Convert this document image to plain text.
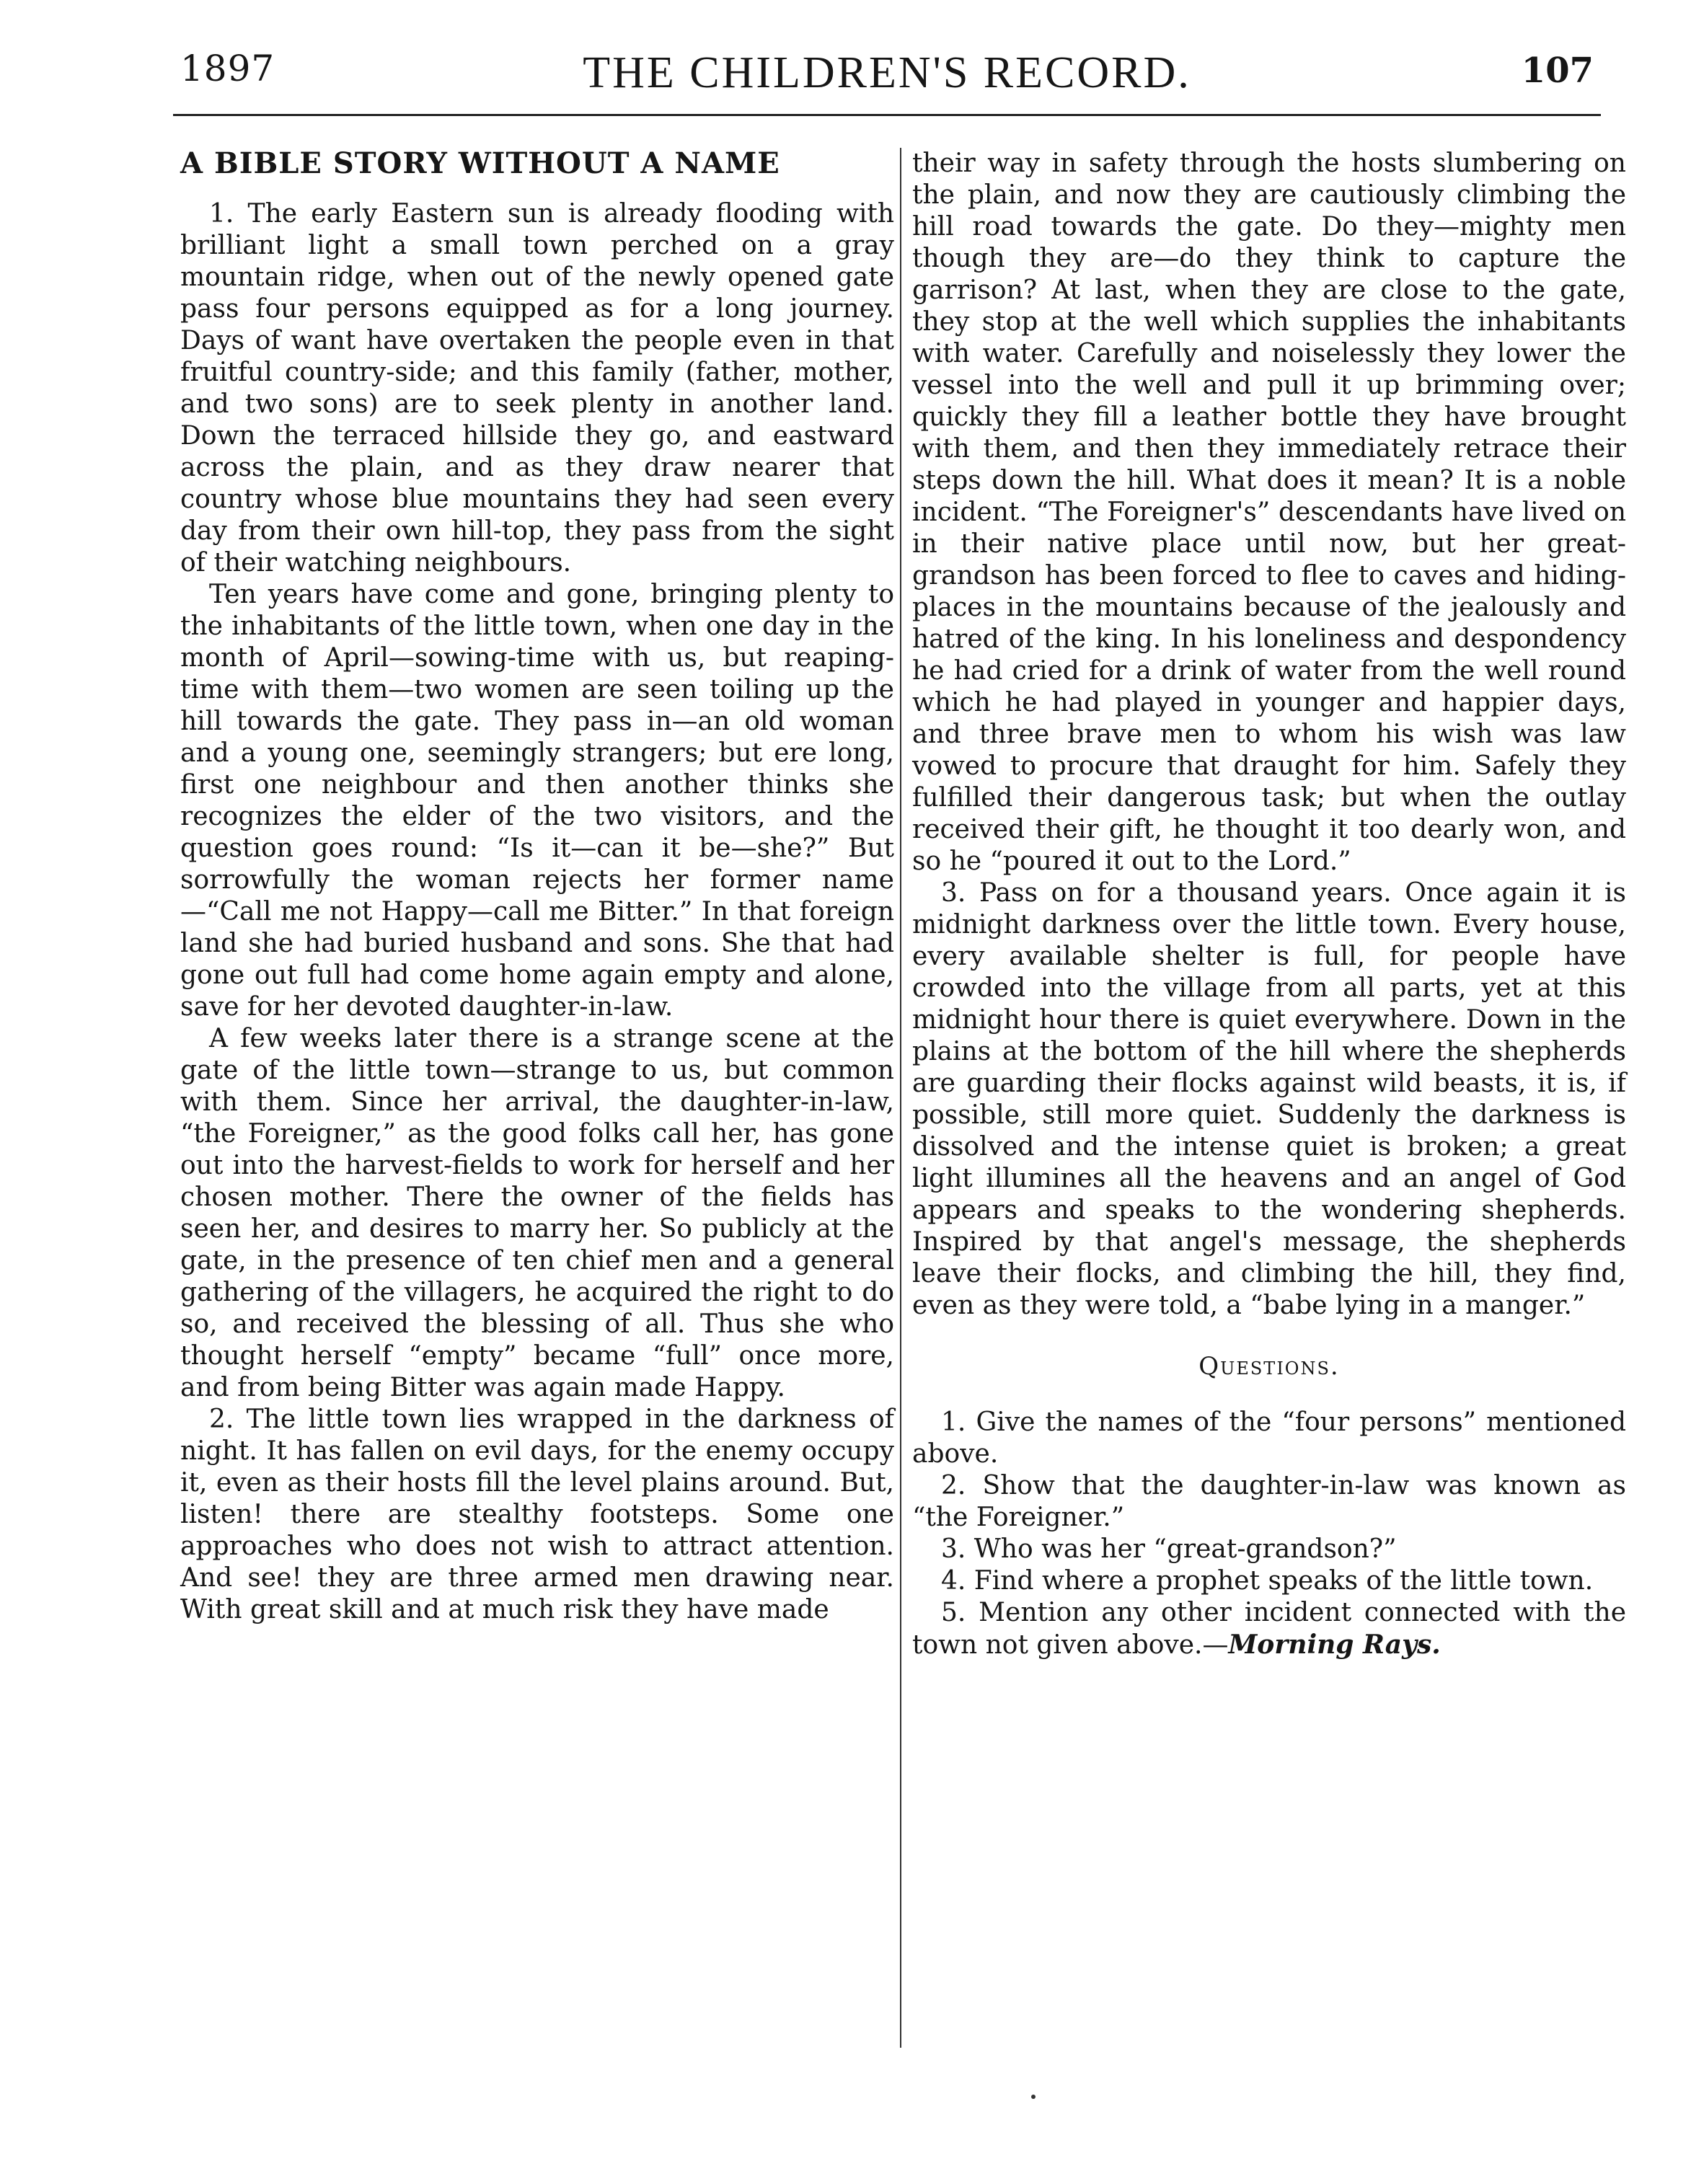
1897	THE CHILDREN'S RECORD.	107
A BIBLE STORY WITHOUT A NAME

1. The early Eastern sun is already flooding with brilliant light a small town perched on a gray mountain ridge, when out of the newly opened gate pass four persons equipped as for a long journey. Days of want have overtaken the people even in that fruitful country-side; and this family (father, mother, and two sons) are to seek plenty in another land. Down the terraced hillside they go, and eastward across the plain, and as they draw nearer that country whose blue mountains they had seen every day from their own hill-top, they pass from the sight of their watching neighbours.

Ten years have come and gone, bringing plenty to the inhabitants of the little town, when one day in the month of April—sowing-time with us, but reaping-time with them—two women are seen toiling up the hill towards the gate. They pass in—an old woman and a young one, seemingly strangers; but ere long, first one neighbour and then another thinks she recognizes the elder of the two visitors, and the question goes round: “Is it—can it be—she?” But sorrowfully the woman rejects her former name—“Call me not Happy—call me Bitter.” In that foreign land she had buried husband and sons. She that had gone out full had come home again empty and alone, save for her devoted daughter-in-law.

A few weeks later there is a strange scene at the gate of the little town—strange to us, but common with them. Since her arrival, the daughter-in-law, “the Foreigner,” as the good folks call her, has gone out into the harvest-fields to work for herself and her chosen mother. There the owner of the fields has seen her, and desires to marry her. So publicly at the gate, in the presence of ten chief men and a general gathering of the villagers, he acquired the right to do so, and received the blessing of all. Thus she who thought herself “empty” became “full” once more, and from being Bitter was again made Happy.

2. The little town lies wrapped in the darkness of night. It has fallen on evil days, for the enemy occupy it, even as their hosts fill the level plains around. But, listen! there are stealthy footsteps. Some one approaches who does not wish to attract attention. And see! they are three armed men drawing near. With great skill and at much risk they have made

their way in safety through the hosts slumbering on the plain, and now they are cautiously climbing the hill road towards the gate. Do they—mighty men though they are—do they think to capture the garrison? At last, when they are close to the gate, they stop at the well which supplies the inhabitants with water. Carefully and noiselessly they lower the vessel into the well and pull it up brimming over; quickly they fill a leather bottle they have brought with them, and then they immediately retrace their steps down the hill. What does it mean? It is a noble incident. “The Foreigner's” descendants have lived on in their native place until now, but her great-grandson has been forced to flee to caves and hiding-places in the mountains because of the jealously and hatred of the king. In his loneliness and despondency he had cried for a drink of water from the well round which he had played in younger and happier days, and three brave men to whom his wish was law vowed to procure that draught for him. Safely they fulfilled their dangerous task; but when the outlay received their gift, he thought it too dearly won, and so he “poured it out to the Lord.”

3. Pass on for a thousand years. Once again it is midnight darkness over the little town. Every house, every available shelter is full, for people have crowded into the village from all parts, yet at this midnight hour there is quiet everywhere. Down in the plains at the bottom of the hill where the shepherds are guarding their flocks against wild beasts, it is, if possible, still more quiet. Suddenly the darkness is dissolved and the intense quiet is broken; a great light illumines all the heavens and an angel of God appears and speaks to the wondering shepherds. Inspired by that angel's message, the shepherds leave their flocks, and climbing the hill, they find, even as they were told, a “babe lying in a manger.”

Questions.

1. Give the names of the “four persons” mentioned above.

2. Show that the daughter-in-law was known as “the Foreigner.”

3. Who was her “great-grandson?”

4. Find where a prophet speaks of the little town.

5. Mention any other incident connected with the town not given above.—Morning Rays.
